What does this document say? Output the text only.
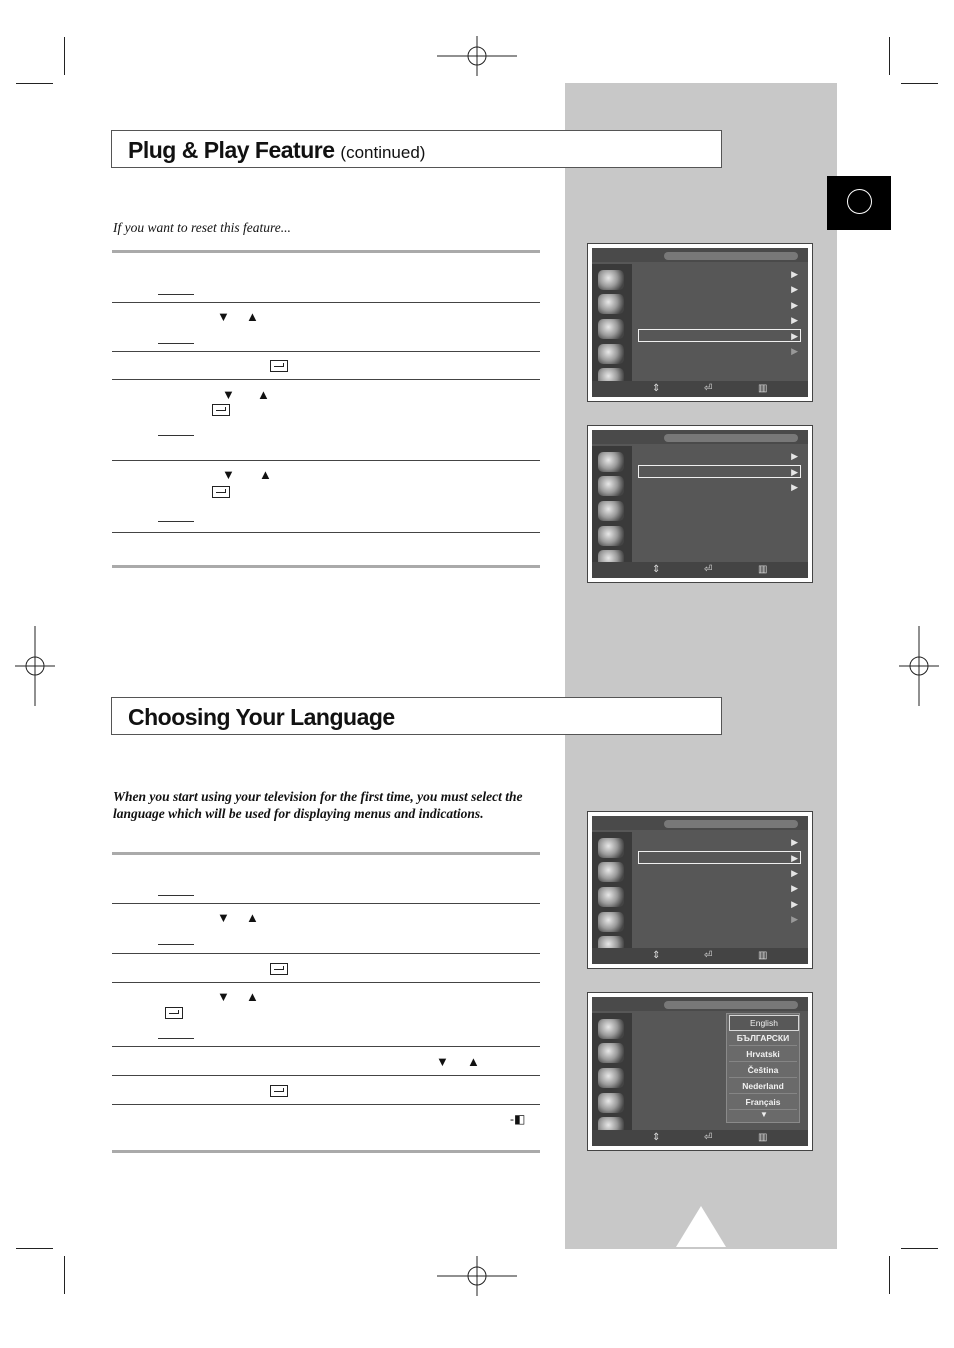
Plug & Play Feature (continued)
If you want to reset this feature...
▼ ▲
▼ ▲
▼ ▲
▶
▶
▶
▶
▶
▶
⇕	⏎	▥
▶
▶
▶
⇕	⏎	▥
Choosing Your Language
When you start using your television for the first time, you must select the language which will be used for displaying menus and indications.
▼ ▲
▼ ▲
▼ ▲
-◧
▶
▶
▶
▶
▶
▶
⇕	⏎	▥
English
БЪЛГАРСКИ
Hrvatski
Čeština
Nederland
Français
▼
⇕	⏎	▥
